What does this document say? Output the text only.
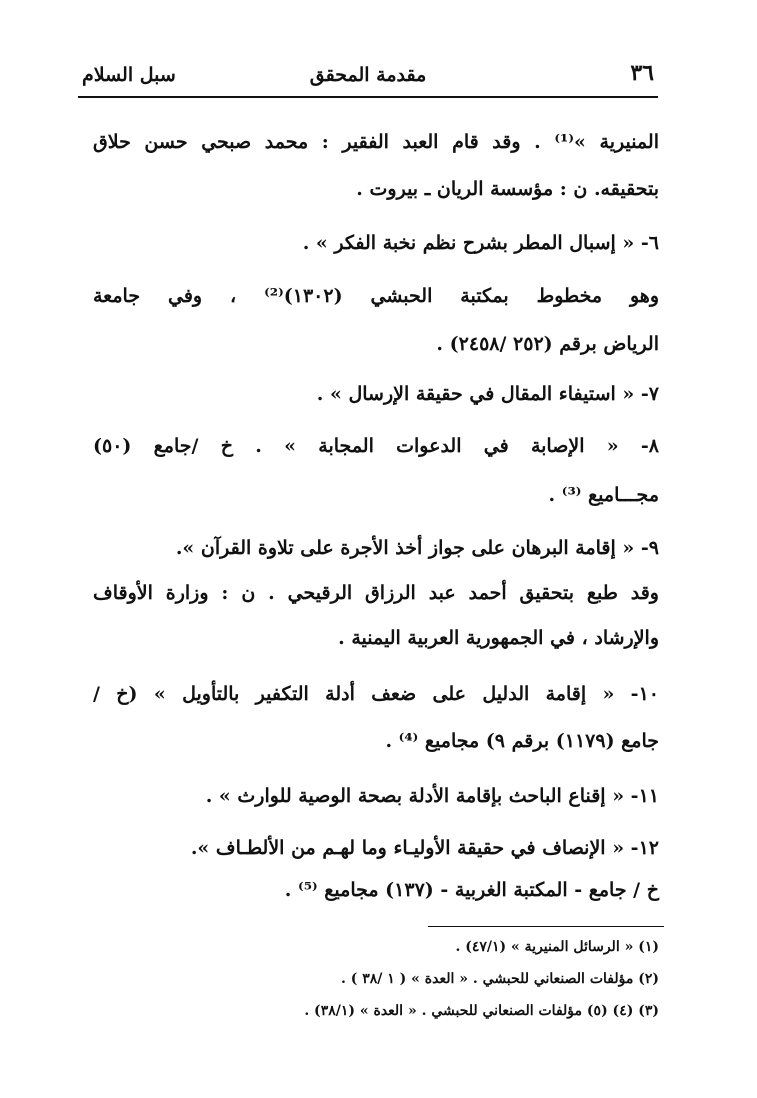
٣٦
مقدمة المحقق
سبل السلام
المنيرية »⁽¹⁾ . وقد قام العبد الفقير : محمد صبحي حسن حلاق
بتحقيقه. ن : مؤسسة الريان ـ بيروت .
٦- « إسبال المطر بشرح نظم نخبة الفكر » .
وهو مخطوط بمكتبة الحبشي (١٣٠٢)⁽²⁾ ، وفي جامعة
الرياض برقم (٢٥٢ /٢٤٥٨) .
٧- « استيفاء المقال في حقيقة الإرسال » .
٨- « الإصابة في الدعوات المجابة » . خ /جامع (٥٠)
مجـــاميع ⁽³⁾ .
٩- « إقامة البرهان على جواز أخذ الأجرة على تلاوة القرآن ».
وقد طبع بتحقيق أحمد عبد الرزاق الرقيحي . ن : وزارة الأوقاف
والإرشاد ، في الجمهورية العربية اليمنية .
١٠- « إقامة الدليل على ضعف أدلة التكفير بالتأويل » (خ /
جامع (١١٧٩) برقم ٩) مجاميع ⁽⁴⁾ .
١١- « إقناع الباحث بإقامة الأدلة بصحة الوصية للوارث » .
١٢- « الإنصاف في حقيقة الأوليـاء وما لهـم من الألطـاف ».
خ / جامع - المكتبة الغربية - (١٣٧) مجاميع ⁽⁵⁾ .
(١) « الرسائل المنيرية » (٤٧/١) .
(٢) مؤلفات الصنعاني للحبشي . « العدة » ( ١ /٣٨ ) .
(٣) (٤) (٥) مؤلفات الصنعاني للحبشي . « العدة » (٣٨/١) .
